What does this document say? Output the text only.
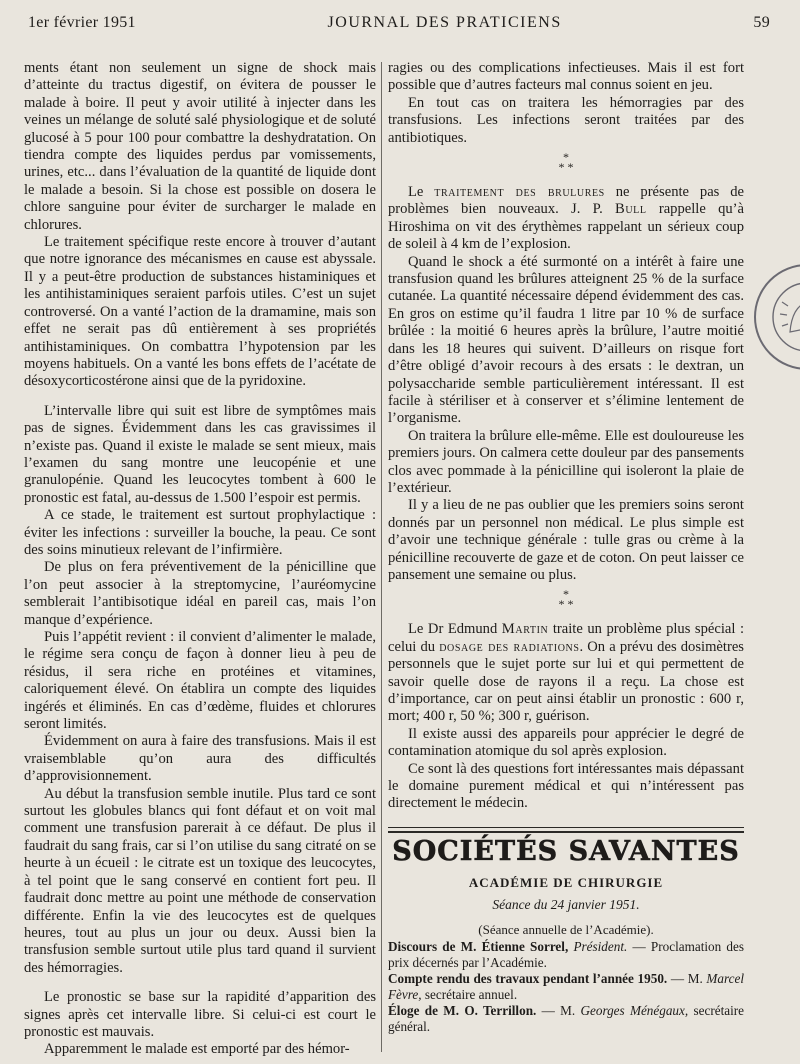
1er février 1951	JOURNAL DES PRATICIENS	59

ments étant non seulement un signe de shock mais d’atteinte du tractus digestif, on évitera de pousser le malade à boire. Il peut y avoir utilité à injecter dans les veines un mélange de soluté salé physiologique et de soluté glucosé à 5 pour 100 pour combattre la deshydratation. On tiendra compte des liquides perdus par vomissements, urines, etc... dans l’évaluation de la quantité de liquide dont le malade a besoin. Si la chose est possible on dosera le chlore sanguine pour éviter de surcharger le malade en chlorures.

Le traitement spécifique reste encore à trouver d’autant que notre ignorance des mécanismes en cause est abyssale. Il y a peut-être production de substances histaminiques et les antihistaminiques seraient parfois utiles. C’est un sujet controversé. On a vanté l’action de la dramamine, mais son effet ne serait pas dû entièrement à ses propriétés antihistaminiques. On combattra l’hypotension par les moyens habituels. On a vanté les bons effets de l’acétate de désoxycorticostérone ainsi que de la pyridoxine.

L’intervalle libre qui suit est libre de symptômes mais pas de signes. Évidemment dans les cas gravissimes il n’existe pas. Quand il existe le malade se sent mieux, mais l’examen du sang montre une leucopénie et une granulopénie. Quand les leucocytes tombent à 600 le pronostic est fatal, au-dessus de 1.500 l’espoir est permis.

A ce stade, le traitement est surtout prophylactique : éviter les infections : surveiller la bouche, la peau. Ce sont des soins minutieux relevant de l’infirmière.

De plus on fera préventivement de la pénicilline que l’on peut associer à la streptomycine, l’auréomycine semblerait l’antibisotique idéal en pareil cas, mais l’on manque d’expérience.

Puis l’appétit revient : il convient d’alimenter le malade, le régime sera conçu de façon à donner lieu à peu de résidus, il sera riche en protéines et vitamines, caloriquement élevé. On établira un compte des liquides ingérés et éliminés. En cas d’œdème, fluides et chlorures seront limités.

Évidemment on aura à faire des transfusions. Mais il est vraisemblable qu’on aura des difficultés d’approvisionnement.

Au début la transfusion semble inutile. Plus tard ce sont surtout les globules blancs qui font défaut et on voit mal comment une transfusion parerait à ce défaut. De plus il faudrait du sang frais, car si l’on utilise du sang citraté on se heurte à un écueil : le citrate est un toxique des leucocytes, à tel point que le sang conservé en contient fort peu. Il faudrait donc mettre au point une méthode de conservation différente. Enfin la vie des leucocytes est de quelques heures, tout au plus un jour ou deux. Aussi bien la transfusion semble surtout utile plus tard quand il survient des hémorragies.

Le pronostic se base sur la rapidité d’apparition des signes après cet intervalle libre. Si celui-ci est court le pronostic est mauvais.

Apparemment le malade est emporté par des hémor-

ragies ou des complications infectieuses. Mais il est fort possible que d’autres facteurs mal connus soient en jeu.

En tout cas on traitera les hémorragies par des transfusions. Les infections seront traitées par des antibiotiques.

*
* *

Le traitement des brulures ne présente pas de problèmes bien nouveaux. J. P. Bull rappelle qu’à Hiroshima on vit des érythèmes rappelant un sérieux coup de soleil à 4 km de l’explosion.

Quand le shock a été surmonté on a intérêt à faire une transfusion quand les brûlures atteignent 25 % de la surface cutanée. La quantité nécessaire dépend évidemment des cas. En gros on estime qu’il faudra 1 litre par 10 % de surface brûlée : la moitié 6 heures après la brûlure, l’autre moitié dans les 18 heures qui suivent. D’ailleurs on risque fort d’être obligé d’avoir recours à des ersats : le dextran, un polysaccharide semble particulièrement intéressant. Il est facile à stériliser et à conserver et s’élimine lentement de l’organisme.

On traitera la brûlure elle-même. Elle est douloureuse les premiers jours. On calmera cette douleur par des pansements clos avec pommade à la pénicilline qui isoleront la plaie de l’extérieur.

Il y a lieu de ne pas oublier que les premiers soins seront donnés par un personnel non médical. Le plus simple est d’avoir une technique générale : tulle gras ou crème à la pénicilline recouverte de gaze et de coton. On peut laisser ce pansement une semaine ou plus.

*
* *

Le Dr Edmund Martin traite un problème plus spécial : celui du dosage des radiations. On a prévu des dosimètres personnels que le sujet porte sur lui et qui permettent de savoir quelle dose de rayons il a reçu. La chose est d’importance, car on peut ainsi établir un pronostic : 600 r, mort; 400 r, 50 %; 300 r, guérison.

Il existe aussi des appareils pour apprécier le degré de contamination atomique du sol après explosion.

Ce sont là des questions fort intéressantes mais dépassant le domaine purement médical et qui n’intéressent pas directement le médecin.

SOCIÉTÉS SAVANTES
ACADÉMIE DE CHIRURGIE
Séance du 24 janvier 1951.
(Séance annuelle de l’Académie).

Discours de M. Étienne Sorrel, Président. — Proclamation des prix décernés par l’Académie.

Compte rendu des travaux pendant l’année 1950. — M. Marcel Fèvre, secrétaire annuel.

Éloge de M. O. Terrillon. — M. Georges Ménégaux, secrétaire général.
